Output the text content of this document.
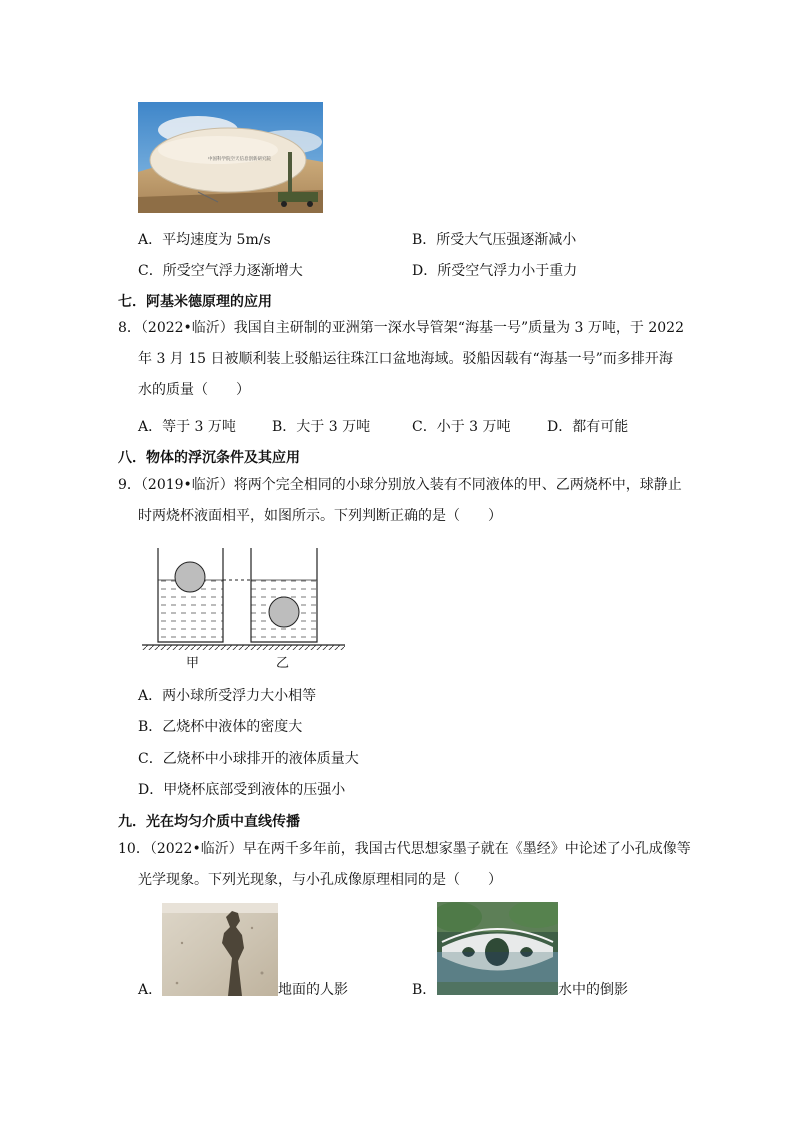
中国科学院空天信息创新研究院
A．平均速度为 5m/s	B．所受大气压强逐渐减小
C．所受空气浮力逐渐增大	D．所受空气浮力小于重力
七．阿基米德原理的应用
8．（2022•临沂）我国自主研制的亚洲第一深水导管架“海基一号”质量为 3 万吨，于 2022
年 3 月 15 日被顺利装上驳船运往珠江口盆地海域。驳船因载有“海基一号”而多排开海
水的质量（　　）
A．等于 3 万吨	B．大于 3 万吨	C．小于 3 万吨	D．都有可能
八．物体的浮沉条件及其应用
9．（2019•临沂）将两个完全相同的小球分别放入装有不同液体的甲、乙两烧杯中，球静止
时两烧杯液面相平，如图所示。下列判断正确的是（　　）
甲	乙
A．两小球所受浮力大小相等
B．乙烧杯中液体的密度大
C．乙烧杯中小球排开的液体质量大
D．甲烧杯底部受到液体的压强小
九．光在均匀介质中直线传播
10．（2022•临沂）早在两千多年前，我国古代思想家墨子就在《墨经》中论述了小孔成像等
光学现象。下列光现象，与小孔成像原理相同的是（　　）
A．	地面的人影	B．	水中的倒影
